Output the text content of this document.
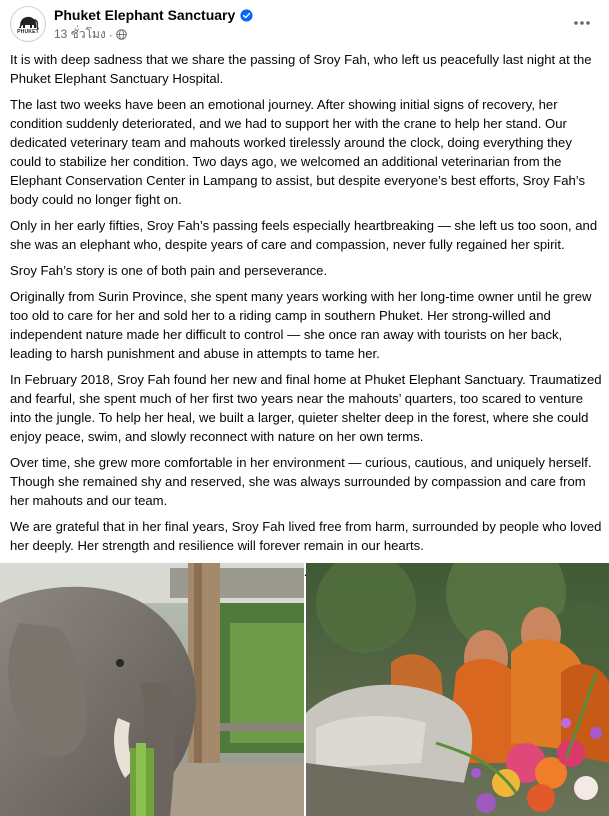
PHUKET
Phuket Elephant Sanctuary
13 ชั่วโมง ·

It is with deep sadness that we share the passing of Sroy Fah, who left us peacefully last night at the Phuket Elephant Sanctuary Hospital.

The last two weeks have been an emotional journey. After showing initial signs of recovery, her condition suddenly deteriorated, and we had to support her with the crane to help her stand. Our dedicated veterinary team and mahouts worked tirelessly around the clock, doing everything they could to stabilize her condition. Two days ago, we welcomed an additional veterinarian from the Elephant Conservation Center in Lampang to assist, but despite everyone’s best efforts, Sroy Fah’s body could no longer fight on.

Only in her early fifties, Sroy Fah’s passing feels especially heartbreaking — she left us too soon, and she was an elephant who, despite years of care and compassion, never fully regained her spirit.

Sroy Fah’s story is one of both pain and perseverance.

Originally from Surin Province, she spent many years working with her long-time owner until he grew too old to care for her and sold her to a riding camp in southern Phuket. Her strong-willed and independent nature made her difficult to control — she once ran away with tourists on her back, leading to harsh punishment and abuse in attempts to tame her.

In February 2018, Sroy Fah found her new and final home at Phuket Elephant Sanctuary. Traumatized and fearful, she spent much of her first two years near the mahouts’ quarters, too scared to venture into the jungle. To help her heal, we built a larger, quieter shelter deep in the forest, where she could enjoy peace, swim, and slowly reconnect with nature on her own terms.

Over time, she grew more comfortable in her environment — curious, cautious, and uniquely herself. Though she remained shy and reserved, she was always surrounded by compassion and care from her mahouts and our team.

We are grateful that in her final years, Sroy Fah lived free from harm, surrounded by people who loved her deeply. Her strength and resilience will forever remain in our hearts.
